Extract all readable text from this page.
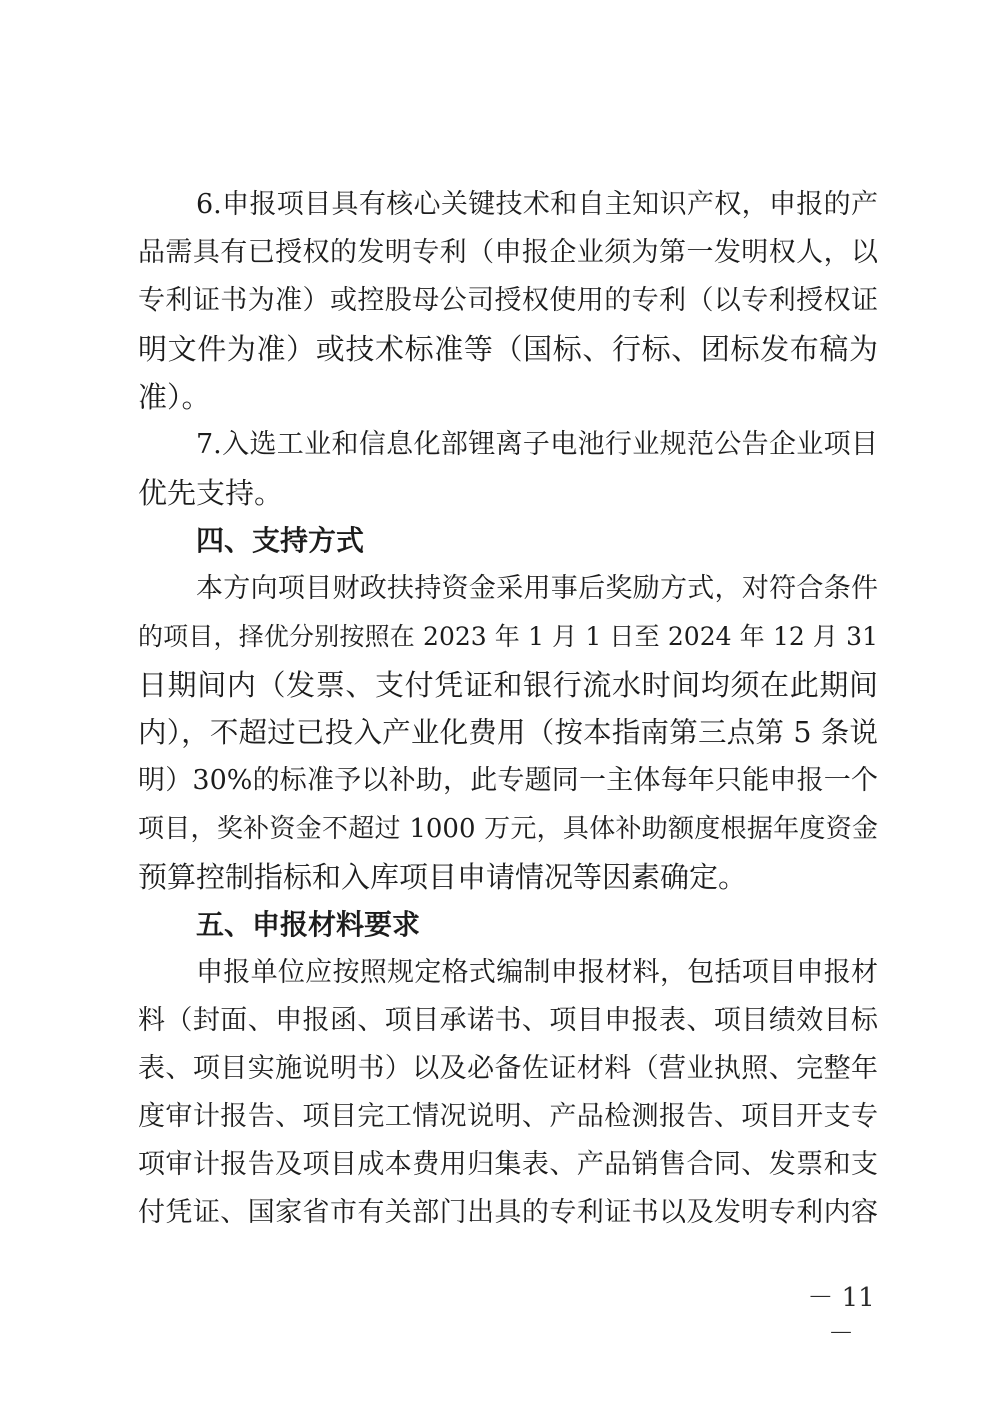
6.申报项目具有核心关键技术和自主知识产权，申报的产
品需具有已授权的发明专利（申报企业须为第一发明权人，以
专利证书为准）或控股母公司授权使用的专利（以专利授权证
明文件为准）或技术标准等（国标、行标、团标发布稿为
准）。
7.入选工业和信息化部锂离子电池行业规范公告企业项目
优先支持。
四、支持方式
本方向项目财政扶持资金采用事后奖励方式，对符合条件
的项目，择优分别按照在 2023 年 1 月 1 日至 2024 年 12 月 31
日期间内（发票、支付凭证和银行流水时间均须在此期间
内），不超过已投入产业化费用（按本指南第三点第 5 条说
明）30%的标准予以补助，此专题同一主体每年只能申报一个
项目，奖补资金不超过 1000 万元，具体补助额度根据年度资金
预算控制指标和入库项目申请情况等因素确定。
五、申报材料要求
申报单位应按照规定格式编制申报材料，包括项目申报材
料（封面、申报函、项目承诺书、项目申报表、项目绩效目标
表、项目实施说明书）以及必备佐证材料（营业执照、完整年
度审计报告、项目完工情况说明、产品检测报告、项目开支专
项审计报告及项目成本费用归集表、产品销售合同、发票和支
付凭证、国家省市有关部门出具的专利证书以及发明专利内容
－ 11 －
